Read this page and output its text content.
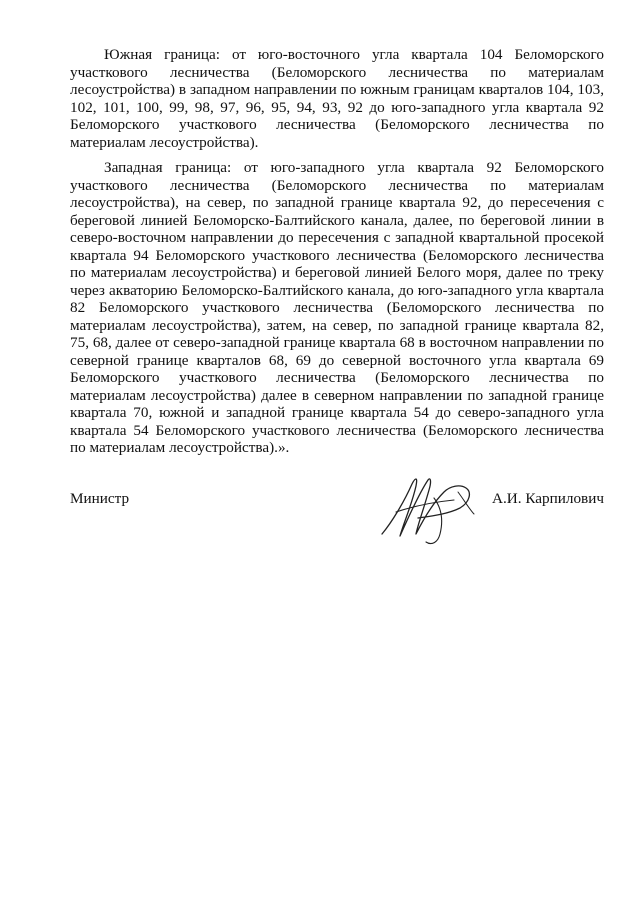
Южная граница: от юго-восточного угла квартала 104 Беломорского участкового лесничества (Беломорского лесничества по материалам лесоустройства) в западном направлении по южным границам кварталов 104, 103, 102, 101, 100, 99, 98, 97, 96, 95, 94, 93, 92 до юго-западного угла квартала 92 Беломорского участкового лесничества (Беломорского лесничества по материалам лесоустройства).

Западная граница: от юго-западного угла квартала 92 Беломорского участкового лесничества (Беломорского лесничества по материалам лесоустройства), на север, по западной границе квартала 92, до пересечения с береговой линией Беломорско-Балтийского канала, далее, по береговой линии в северо-восточном направлении до пересечения с западной квартальной просекой квартала 94 Беломорского участкового лесничества (Беломорского лесничества по материалам лесоустройства) и береговой линией Белого моря, далее по треку через акваторию Беломорско-Балтийского канала, до юго-западного угла квартала 82 Беломорского участкового лесничества (Беломорского лесничества по материалам лесоустройства), затем, на север, по западной границе квартала 82, 75, 68, далее от северо-западной границе квартала 68 в восточном направлении по северной границе кварталов 68, 69 до северной восточного угла квартала 69 Беломорского участкового лесничества (Беломорского лесничества по материалам лесоустройства) далее в северном направлении по западной границе квартала 70, южной и западной границе квартала 54 до северо-западного угла квартала 54 Беломорского участкового лесничества (Беломорского лесничества по материалам лесоустройства).».

Министр	А.И. Карпилович
